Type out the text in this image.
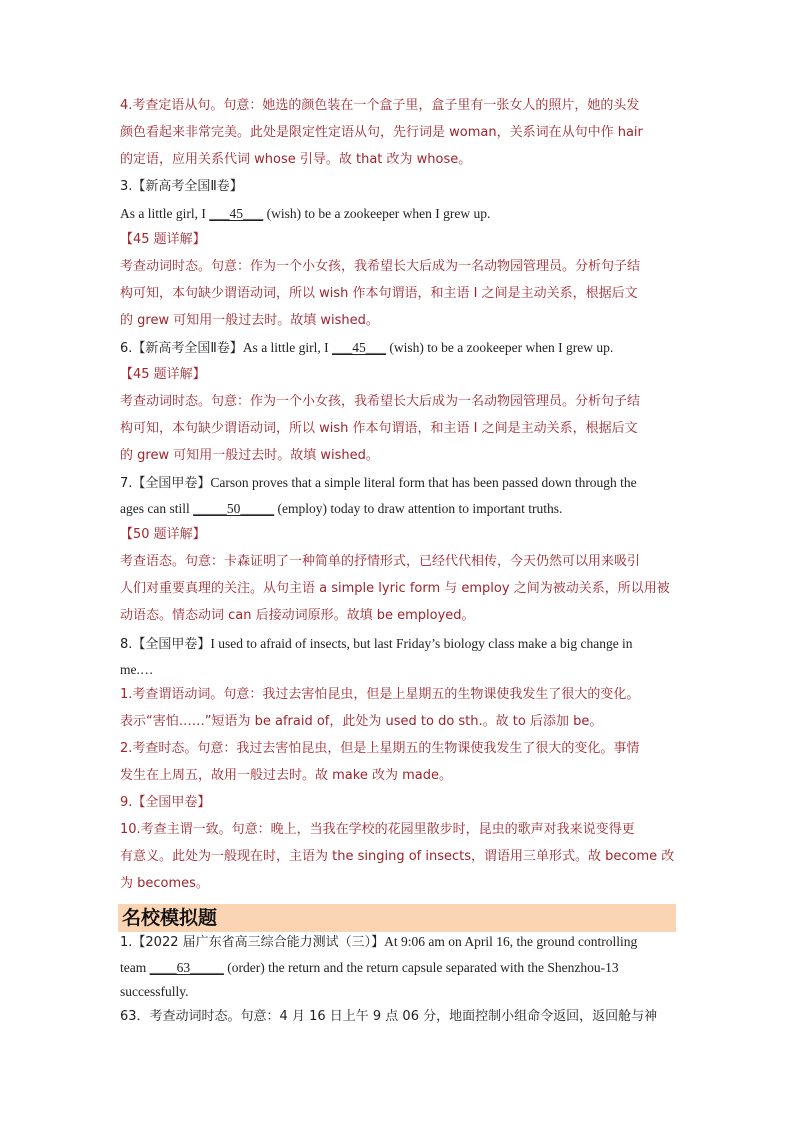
4.考查定语从句。句意：她选的颜色装在一个盒子里，盒子里有一张女人的照片，她的头发
颜色看起来非常完美。此处是限定性定语从句，先行词是 woman，关系词在从句中作 hair
的定语，应用关系代词 whose 引导。故 that 改为 whose。
3.【新高考全国Ⅱ卷】
As a little girl, I ___45___ (wish) to be a zookeeper when I grew up.
【45 题详解】
考查动词时态。句意：作为一个小女孩，我希望长大后成为一名动物园管理员。分析句子结
构可知，本句缺少谓语动词，所以 wish 作本句谓语，和主语 I 之间是主动关系，根据后文
的 grew 可知用一般过去时。故填 wished。
6.【新高考全国Ⅱ卷】As a little girl, I ___45___ (wish) to be a zookeeper when I grew up.
【45 题详解】
考查动词时态。句意：作为一个小女孩，我希望长大后成为一名动物园管理员。分析句子结
构可知，本句缺少谓语动词，所以 wish 作本句谓语，和主语 I 之间是主动关系，根据后文
的 grew 可知用一般过去时。故填 wished。
7.【全国甲卷】Carson proves that a simple literal form that has been passed down through the
ages can still _____50_____ (employ) today to draw attention to important truths.
【50 题详解】
考查语态。句意：卡森证明了一种简单的抒情形式，已经代代相传，今天仍然可以用来吸引
人们对重要真理的关注。从句主语 a simple lyric form 与 employ 之间为被动关系，所以用被
动语态。情态动词 can 后接动词原形。故填 be employed。
8.【全国甲卷】I used to afraid of insects, but last Friday’s biology class make a big change in
me.…
1.考查谓语动词。句意：我过去害怕昆虫，但是上星期五的生物课使我发生了很大的变化。
表示“害怕……”短语为 be afraid of，此处为 used to do sth.。故 to 后添加 be。
2.考查时态。句意：我过去害怕昆虫，但是上星期五的生物课使我发生了很大的变化。事情
发生在上周五，故用一般过去时。故 make 改为 made。
9.【全国甲卷】
10.考查主谓一致。句意：晚上，当我在学校的花园里散步时，昆虫的歌声对我来说变得更
有意义。此处为一般现在时，主语为 the singing of insects，谓语用三单形式。故 become 改
为 becomes。
名校模拟题
1.【2022 届广东省高三综合能力测试（三）】At 9:06 am on April 16, the ground controlling
team ____63_____ (order) the return and the return capsule separated with the Shenzhou-13
successfully.
63．考查动词时态。句意：4 月 16 日上午 9 点 06 分，地面控制小组命令返回，返回舱与神
